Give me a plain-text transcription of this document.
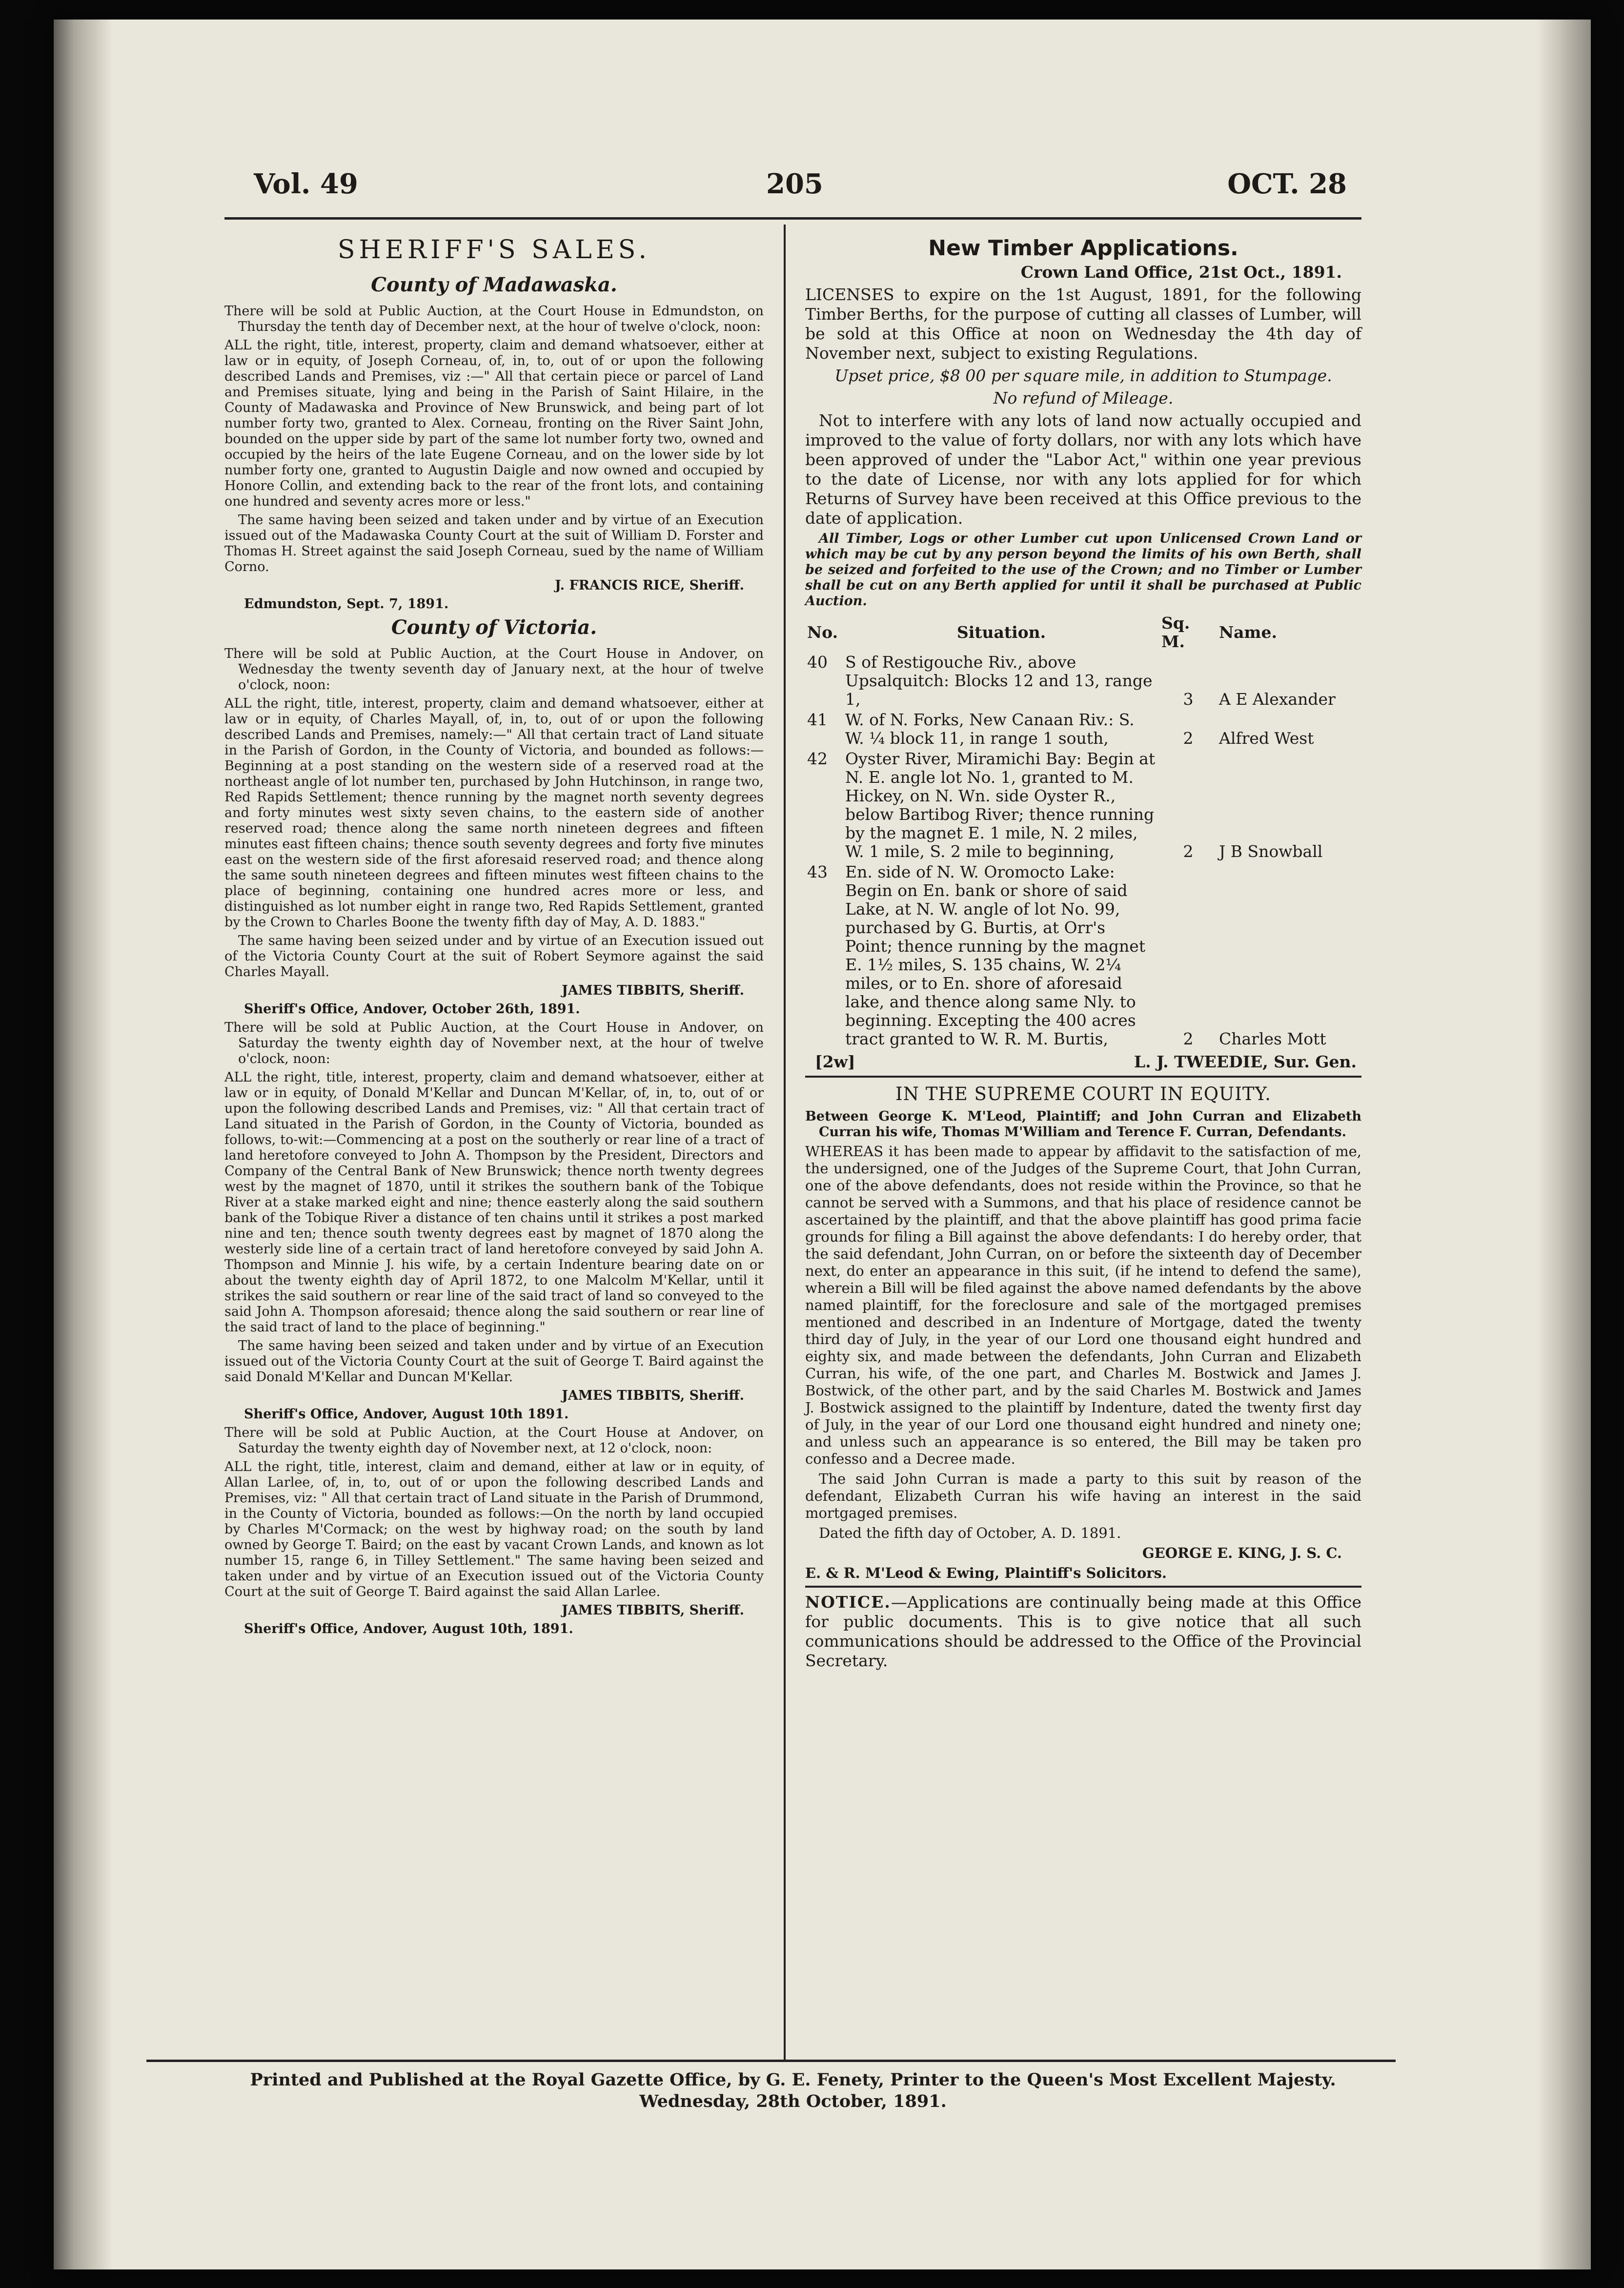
Vol. 49	205	OCT. 28
SHERIFF'S SALES.
County of Madawaska.

There will be sold at Public Auction, at the Court House in Edmundston, on Thursday the tenth day of December next, at the hour of twelve o'clock, noon:

ALL the right, title, interest, property, claim and demand whatsoever, either at law or in equity, of Joseph Corneau, of, in, to, out of or upon the following described Lands and Premises, viz :—" All that certain piece or parcel of Land and Premises situate, lying and being in the Parish of Saint Hilaire, in the County of Madawaska and Province of New Brunswick, and being part of lot number forty two, granted to Alex. Corneau, fronting on the River Saint John, bounded on the upper side by part of the same lot number forty two, owned and occupied by the heirs of the late Eugene Corneau, and on the lower side by lot number forty one, granted to Augustin Daigle and now owned and occupied by Honore Collin, and extending back to the rear of the front lots, and containing one hundred and seventy acres more or less."

The same having been seized and taken under and by virtue of an Execution issued out of the Madawaska County Court at the suit of William D. Forster and Thomas H. Street against the said Joseph Corneau, sued by the name of William Corno.

J. FRANCIS RICE, Sheriff.

Edmundston, Sept. 7, 1891.

County of Victoria.

There will be sold at Public Auction, at the Court House in Andover, on Wednesday the twenty seventh day of January next, at the hour of twelve o'clock, noon:

ALL the right, title, interest, property, claim and demand whatsoever, either at law or in equity, of Charles Mayall, of, in, to, out of or upon the following described Lands and Premises, namely:—" All that certain tract of Land situate in the Parish of Gordon, in the County of Victoria, and bounded as follows:—Beginning at a post standing on the western side of a reserved road at the northeast angle of lot number ten, purchased by John Hutchinson, in range two, Red Rapids Settlement; thence running by the magnet north seventy degrees and forty minutes west sixty seven chains, to the eastern side of another reserved road; thence along the same north nineteen degrees and fifteen minutes east fifteen chains; thence south seventy degrees and forty five minutes east on the western side of the first aforesaid reserved road; and thence along the same south nineteen degrees and fifteen minutes west fifteen chains to the place of beginning, containing one hundred acres more or less, and distinguished as lot number eight in range two, Red Rapids Settlement, granted by the Crown to Charles Boone the twenty fifth day of May, A. D. 1883."

The same having been seized under and by virtue of an Execution issued out of the Victoria County Court at the suit of Robert Seymore against the said Charles Mayall.

JAMES TIBBITS, Sheriff.

Sheriff's Office, Andover, October 26th, 1891.

There will be sold at Public Auction, at the Court House in Andover, on Saturday the twenty eighth day of November next, at the hour of twelve o'clock, noon:

ALL the right, title, interest, property, claim and demand whatsoever, either at law or in equity, of Donald M'Kellar and Duncan M'Kellar, of, in, to, out of or upon the following described Lands and Premises, viz: " All that certain tract of Land situated in the Parish of Gordon, in the County of Victoria, bounded as follows, to-wit:—Commencing at a post on the southerly or rear line of a tract of land heretofore conveyed to John A. Thompson by the President, Directors and Company of the Central Bank of New Brunswick; thence north twenty degrees west by the magnet of 1870, until it strikes the southern bank of the Tobique River at a stake marked eight and nine; thence easterly along the said southern bank of the Tobique River a distance of ten chains until it strikes a post marked nine and ten; thence south twenty degrees east by magnet of 1870 along the westerly side line of a certain tract of land heretofore conveyed by said John A. Thompson and Minnie J. his wife, by a certain Indenture bearing date on or about the twenty eighth day of April 1872, to one Malcolm M'Kellar, until it strikes the said southern or rear line of the said tract of land so conveyed to the said John A. Thompson aforesaid; thence along the said southern or rear line of the said tract of land to the place of beginning."

The same having been seized and taken under and by virtue of an Execution issued out of the Victoria County Court at the suit of George T. Baird against the said Donald M'Kellar and Duncan M'Kellar.

JAMES TIBBITS, Sheriff.

Sheriff's Office, Andover, August 10th 1891.

There will be sold at Public Auction, at the Court House at Andover, on Saturday the twenty eighth day of November next, at 12 o'clock, noon:

ALL the right, title, interest, claim and demand, either at law or in equity, of Allan Larlee, of, in, to, out of or upon the following described Lands and Premises, viz: " All that certain tract of Land situate in the Parish of Drummond, in the County of Victoria, bounded as follows:—On the north by land occupied by Charles M'Cormack; on the west by highway road; on the south by land owned by George T. Baird; on the east by vacant Crown Lands, and known as lot number 15, range 6, in Tilley Settlement." The same having been seized and taken under and by virtue of an Execution issued out of the Victoria County Court at the suit of George T. Baird against the said Allan Larlee.

JAMES TIBBITS, Sheriff.

Sheriff's Office, Andover, August 10th, 1891.

New Timber Applications.

Crown Land Office, 21st Oct., 1891.

LICENSES to expire on the 1st August, 1891, for the following Timber Berths, for the purpose of cutting all classes of Lumber, will be sold at this Office at noon on Wednesday the 4th day of November next, subject to existing Regulations.

Upset price, $8 00 per square mile, in addition to Stumpage.

No refund of Mileage.

Not to interfere with any lots of land now actually occupied and improved to the value of forty dollars, nor with any lots which have been approved of under the "Labor Act," within one year previous to the date of License, nor with any lots applied for for which Returns of Survey have been received at this Office previous to the date of application.

All Timber, Logs or other Lumber cut upon Unlicensed Crown Land or which may be cut by any person beyond the limits of his own Berth, shall be seized and forfeited to the use of the Crown; and no Timber or Lumber shall be cut on any Berth applied for until it shall be purchased at Public Auction.

No.	Situation.	Sq. M.	Name.
40	S of Restigouche Riv., above Upsalquitch: Blocks 12 and 13, range 1,	3	A E Alexander
41	W. of N. Forks, New Canaan Riv.: S. W. ¼ block 11, in range 1 south,	2	Alfred West
42	Oyster River, Miramichi Bay: Begin at N. E. angle lot No. 1, granted to M. Hickey, on N. Wn. side Oyster R., below Bartibog River; thence running by the magnet E. 1 mile, N. 2 miles, W. 1 mile, S. 2 mile to beginning,	2	J B Snowball
43	En. side of N. W. Oromocto Lake: Begin on En. bank or shore of said Lake, at N. W. angle of lot No. 99, purchased by G. Burtis, at Orr's Point; thence running by the magnet E. 1½ miles, S. 135 chains, W. 2¼ miles, or to En. shore of aforesaid lake, and thence along same Nly. to beginning. Excepting the 400 acres tract granted to W. R. M. Burtis,	2	Charles Mott

[2w]	L. J. TWEEDIE, Sur. Gen.

IN THE SUPREME COURT IN EQUITY.

Between George K. M'Leod, Plaintiff; and John Curran and Elizabeth Curran his wife, Thomas M'William and Terence F. Curran, Defendants.

WHEREAS it has been made to appear by affidavit to the satisfaction of me, the undersigned, one of the Judges of the Supreme Court, that John Curran, one of the above defendants, does not reside within the Province, so that he cannot be served with a Summons, and that his place of residence cannot be ascertained by the plaintiff, and that the above plaintiff has good prima facie grounds for filing a Bill against the above defendants: I do hereby order, that the said defendant, John Curran, on or before the sixteenth day of December next, do enter an appearance in this suit, (if he intend to defend the same), wherein a Bill will be filed against the above named defendants by the above named plaintiff, for the foreclosure and sale of the mortgaged premises mentioned and described in an Indenture of Mortgage, dated the twenty third day of July, in the year of our Lord one thousand eight hundred and eighty six, and made between the defendants, John Curran and Elizabeth Curran, his wife, of the one part, and Charles M. Bostwick and James J. Bostwick, of the other part, and by the said Charles M. Bostwick and James J. Bostwick assigned to the plaintiff by Indenture, dated the twenty first day of July, in the year of our Lord one thousand eight hundred and ninety one; and unless such an appearance is so entered, the Bill may be taken pro confesso and a Decree made.

The said John Curran is made a party to this suit by reason of the defendant, Elizabeth Curran his wife having an interest in the said mortgaged premises.

Dated the fifth day of October, A. D. 1891.

GEORGE E. KING, J. S. C.

E. & R. M'Leod & Ewing, Plaintiff's Solicitors.

NOTICE.—Applications are continually being made at this Office for public documents. This is to give notice that all such communications should be addressed to the Office of the Provincial Secretary.

Printed and Published at the Royal Gazette Office, by G. E. Fenety, Printer to the Queen's Most Excellent Majesty.
Wednesday, 28th October, 1891.
